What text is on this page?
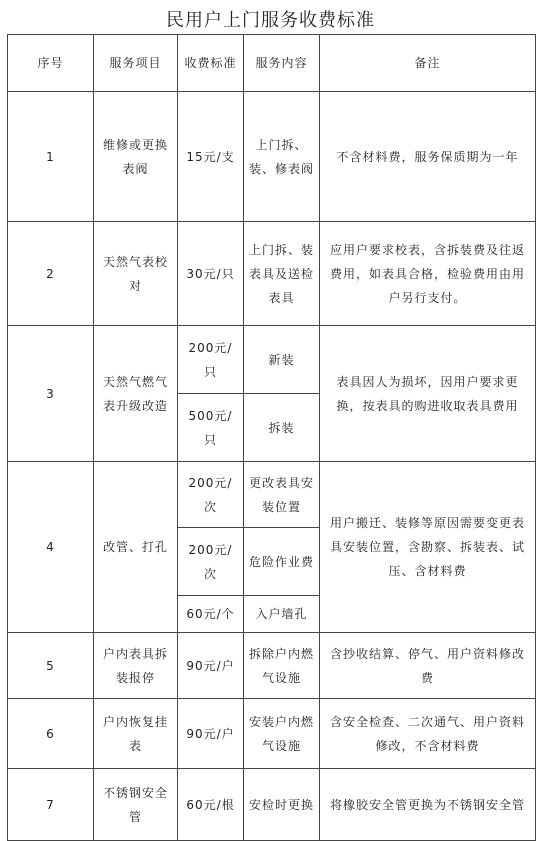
民用户上门服务收费标准
序号	服务项目	收费标准	服务内容	备注
1	维修或更换表阀	15元/支	上门拆、装、修表阀	不含材料费，服务保质期为一年
2	天然气表校对	30元/只	上门拆、装表具及送检表具	应用户要求校表，含拆装费及往返费用，如表具合格，检验费用由用户另行支付。
3	天然气燃气表升级改造	200元/只	新装	表具因人为损坏，因用户要求更换，按表具的购进收取表具费用
		500元/只	拆装	
4	改管、打孔	200元/次	更改表具安装位置	用户搬迁、装修等原因需要变更表具安装位置，含勘察、拆装表、试压、含材料费
		200元/次	危险作业费	
		60元/个	入户墙孔	
5	户内表具拆装报停	90元/户	拆除户内燃气设施	含抄收结算、停气、用户资料修改费
6	户内恢复挂表	90元/户	安装户内燃气设施	含安全检查、二次通气、用户资料修改，不含材料费
7	不锈钢安全管	60元/根	安检时更换	将橡胶安全管更换为不锈钢安全管
